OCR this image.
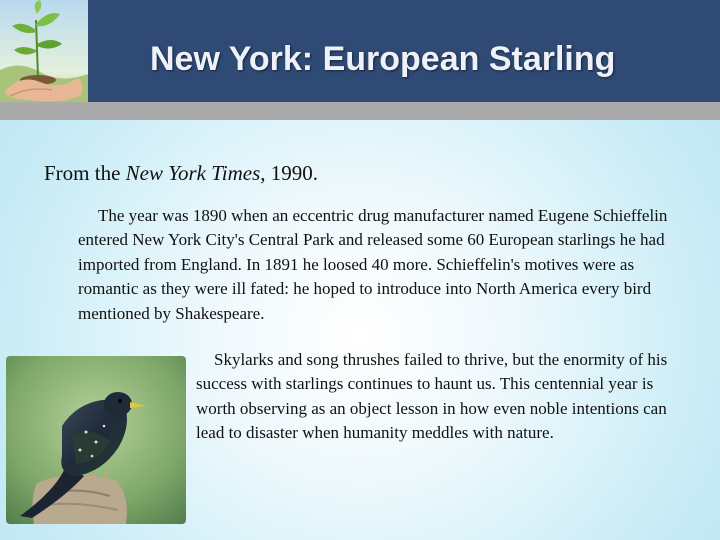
New York: European Starling
From the New York Times, 1990.

The year was 1890 when an eccentric drug manufacturer named Eugene Schieffelin entered New York City's Central Park and released some 60 European starlings he had imported from England. In 1891 he loosed 40 more. Schieffelin's motives were as romantic as they were ill fated: he hoped to introduce into North America every bird mentioned by Shakespeare.

Skylarks and song thrushes failed to thrive, but the enormity of his success with starlings continues to haunt us. This centennial year is worth observing as an object lesson in how even noble intentions can lead to disaster when humanity meddles with nature.
